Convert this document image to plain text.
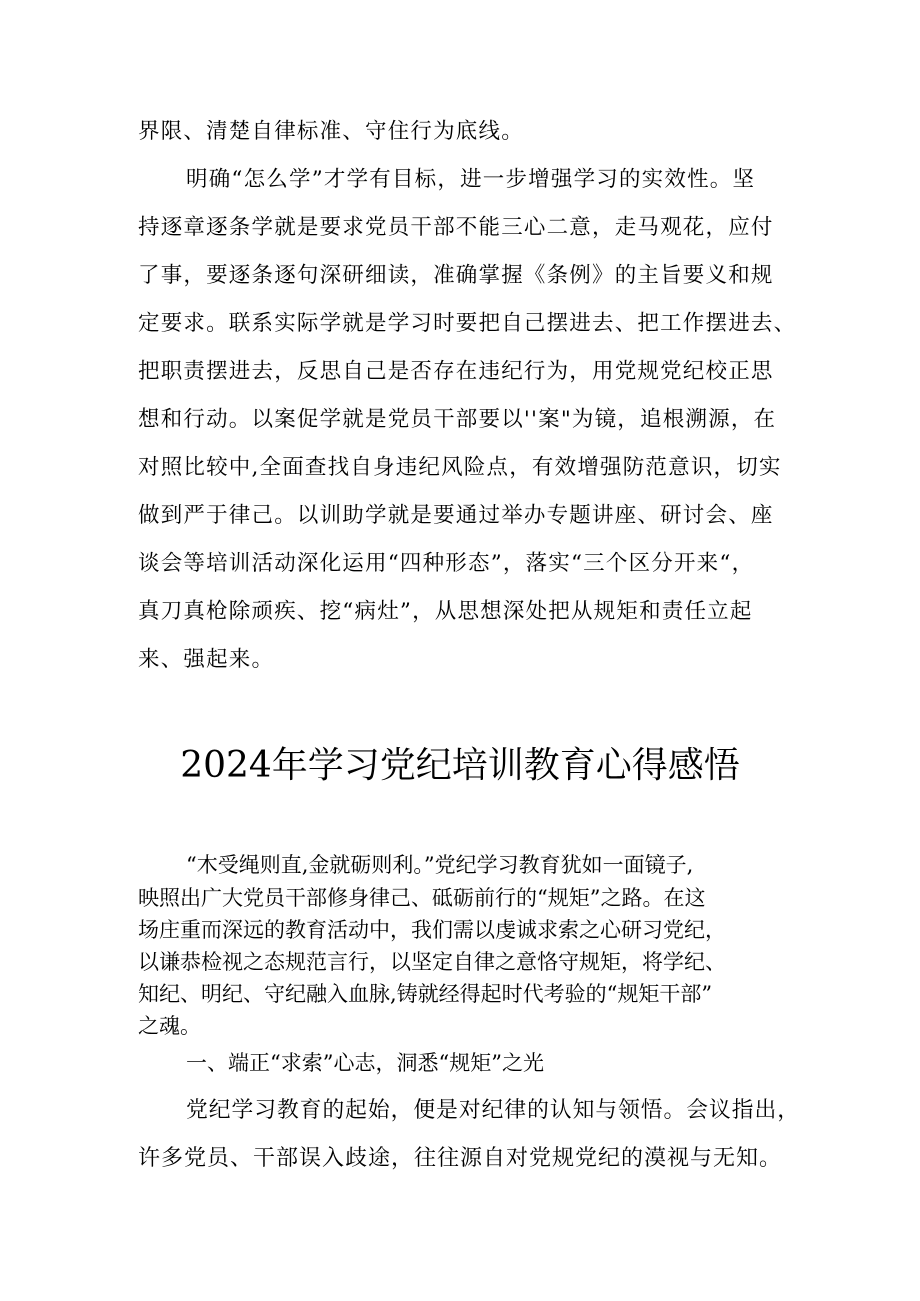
界限、清楚自律标准、守住行为底线。
明确“怎么学”才学有目标，进一步增强学习的实效性。坚
持逐章逐条学就是要求党员干部不能三心二意，走马观花，应付
了事，要逐条逐句深研细读，准确掌握《条例》的主旨要义和规
定要求。联系实际学就是学习时要把自己摆进去、把工作摆进去、
把职责摆进去，反思自己是否存在违纪行为，用党规党纪校正思
想和行动。以案促学就是党员干部要以''案"为镜，追根溯源，在
对照比较中,全面查找自身违纪风险点，有效增强防范意识，切实
做到严于律己。以训助学就是要通过举办专题讲座、研讨会、座
谈会等培训活动深化运用“四种形态”，落实“三个区分开来“，
真刀真枪除顽疾、挖“病灶”，从思想深处把从规矩和责任立起
来、强起来。
2024年学习党纪培训教育心得感悟
“木受绳则直,金就砺则利。”党纪学习教育犹如一面镜子,
映照出广大党员干部修身律己、砥砺前行的“规矩”之路。在这
场庄重而深远的教育活动中，我们需以虔诚求索之心研习党纪，
以谦恭检视之态规范言行，以坚定自律之意恪守规矩，将学纪、
知纪、明纪、守纪融入血脉,铸就经得起时代考验的“规矩干部”
之魂。
一、端正“求索”心志，洞悉“规矩”之光
党纪学习教育的起始，便是对纪律的认知与领悟。会议指出，
许多党员、干部误入歧途，往往源自对党规党纪的漠视与无知。
